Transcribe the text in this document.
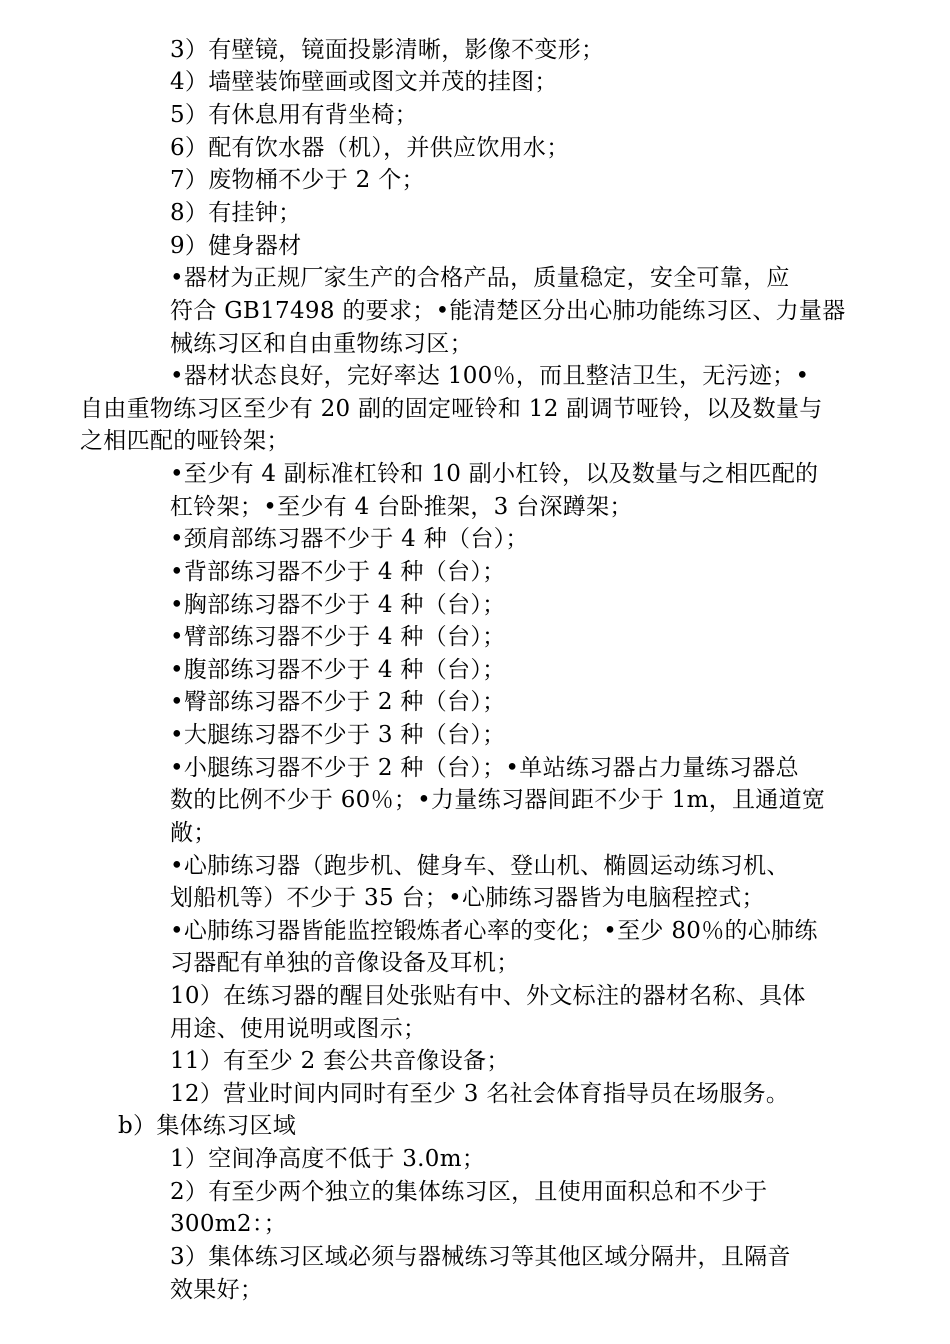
3）有壁镜，镜面投影清晰，影像不变形；
4）墙壁装饰壁画或图文并茂的挂图；
5）有休息用有背坐椅；
6）配有饮水器（机），并供应饮用水；
7）废物桶不少于 2 个；
8）有挂钟；
9）健身器材
•器材为正规厂家生产的合格产品，质量稳定，安全可靠，应
符合 GB17498 的要求；•能清楚区分出心肺功能练习区、力量器
械练习区和自由重物练习区；
•器材状态良好，完好率达 100％，而且整洁卫生，无污迹；•
自由重物练习区至少有 20 副的固定哑铃和 12 副调节哑铃，以及数量与
之相匹配的哑铃架；
•至少有 4 副标准杠铃和 10 副小杠铃，以及数量与之相匹配的
杠铃架；•至少有 4 台卧推架，3 台深蹲架；
•颈肩部练习器不少于 4 种（台）；
•背部练习器不少于 4 种（台）；
•胸部练习器不少于 4 种（台）；
•臂部练习器不少于 4 种（台）；
•腹部练习器不少于 4 种（台）；
•臀部练习器不少于 2 种（台）；
•大腿练习器不少于 3 种（台）；
•小腿练习器不少于 2 种（台）；•单站练习器占力量练习器总
数的比例不少于 60％；•力量练习器间距不少于 1m，且通道宽
敞；
•心肺练习器（跑步机、健身车、登山机、椭圆运动练习机、
划船机等）不少于 35 台；•心肺练习器皆为电脑程控式；
•心肺练习器皆能监控锻炼者心率的变化；•至少 80％的心肺练
习器配有单独的音像设备及耳机；
10）在练习器的醒目处张贴有中、外文标注的器材名称、具体
用途、使用说明或图示；
11）有至少 2 套公共音像设备；
12）营业时间内同时有至少 3 名社会体育指导员在场服务。
b）集体练习区域
1）空间净高度不低于 3.0m；
2）有至少两个独立的集体练习区，且使用面积总和不少于
300m2：；
3）集体练习区域必须与器械练习等其他区域分隔井，且隔音
效果好；
